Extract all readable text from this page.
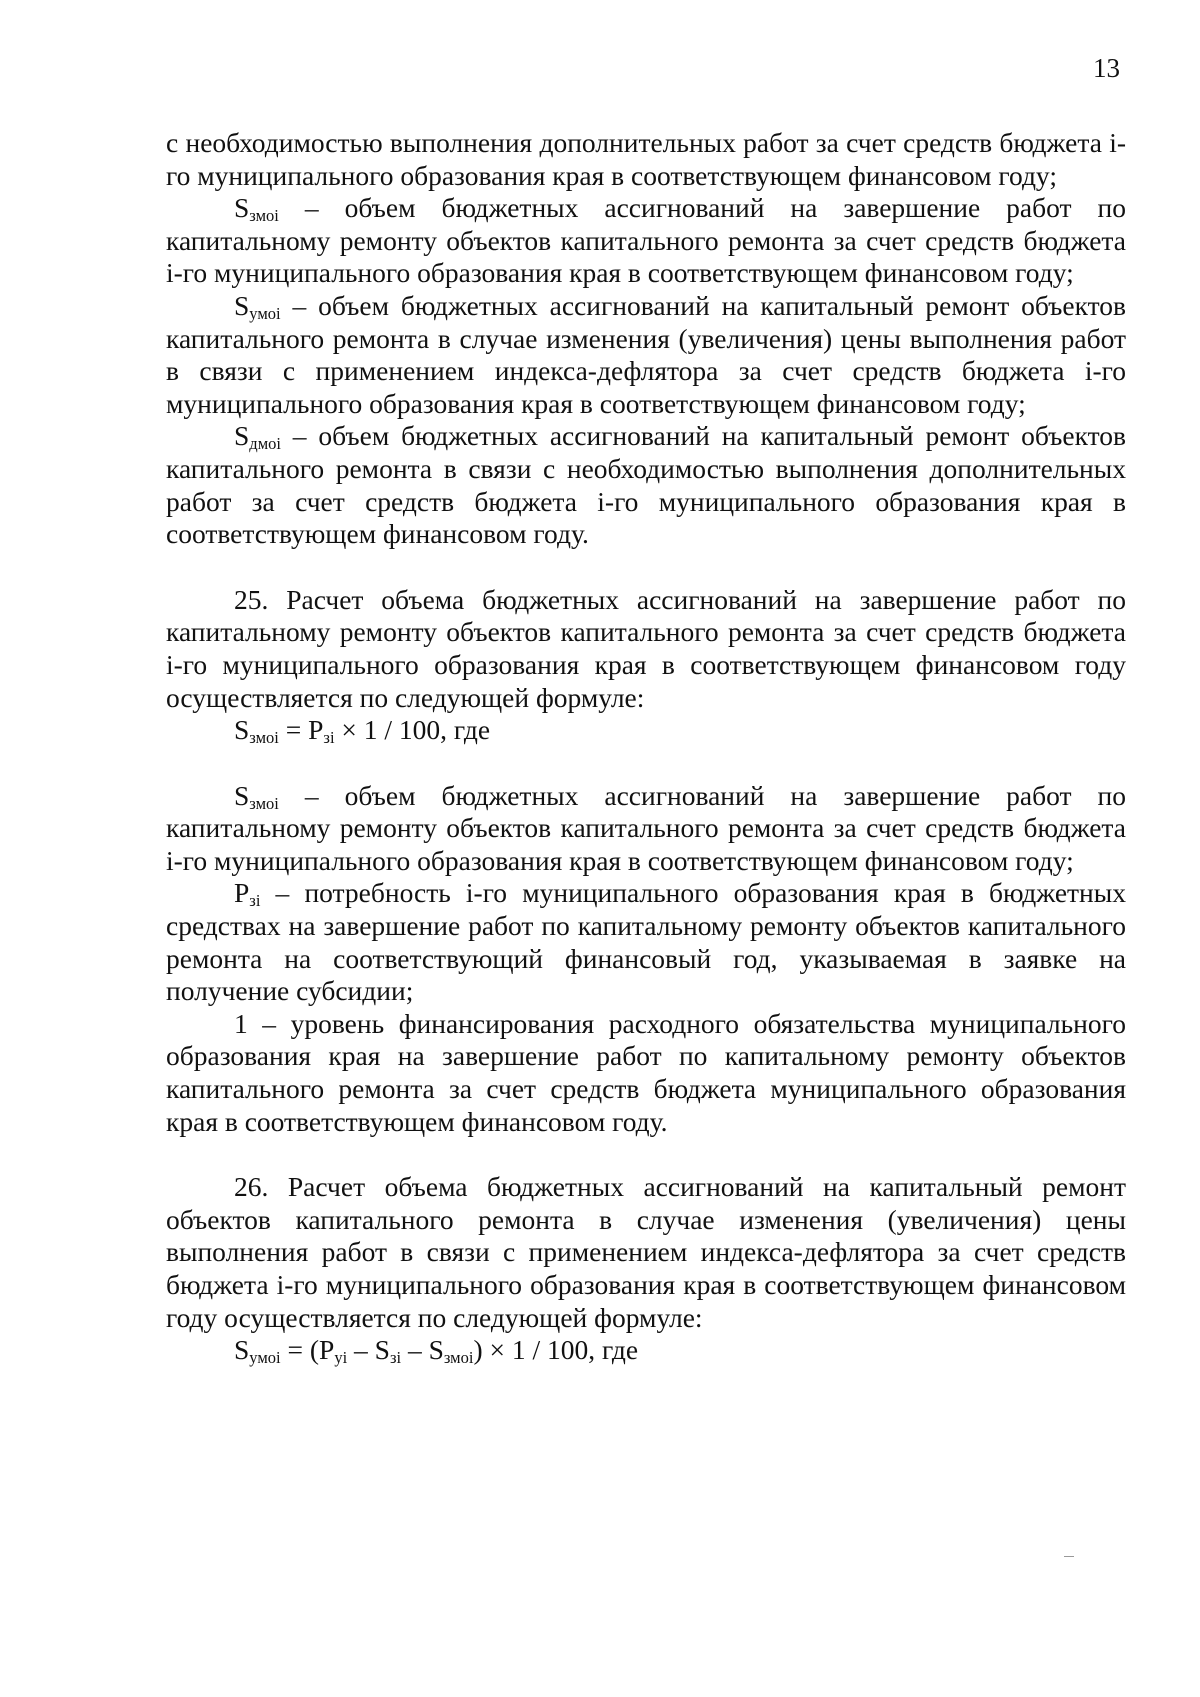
13

с необходимостью выполнения дополнительных работ за счет средств бюджета i-го муниципального образования края в соответствующем финансовом году;

$S_{змоi}$ – объем бюджетных ассигнований на завершение работ по капитальному ремонту объектов капитального ремонта за счет средств бюджета i-го муниципального образования края в соответствующем финансовом году;

$S_{умоi}$ – объем бюджетных ассигнований на капитальный ремонт объектов капитального ремонта в случае изменения (увеличения) цены выполнения работ в связи с применением индекса-дефлятора за счет средств бюджета i-го муниципального образования края в соответствующем финансовом году;

$S_{дмоi}$ – объем бюджетных ассигнований на капитальный ремонт объектов капитального ремонта в связи с необходимостью выполнения дополнительных работ за счет средств бюджета i-го муниципального образования края в соответствующем финансовом году.

25. Расчет объема бюджетных ассигнований на завершение работ по капитальному ремонту объектов капитального ремонта за счет средств бюджета i-го муниципального образования края в соответствующем финансовом году осуществляется по следующей формуле:

$S_{змоi} = P_{зi} \times 1 / 100$, где

$S_{змоi}$ – объем бюджетных ассигнований на завершение работ по капитальному ремонту объектов капитального ремонта за счет средств бюджета i-го муниципального образования края в соответствующем финансовом году;

$P_{зi}$ – потребность i-го муниципального образования края в бюджетных средствах на завершение работ по капитальному ремонту объектов капитального ремонта на соответствующий финансовый год, указываемая в заявке на получение субсидии;

1 – уровень финансирования расходного обязательства муниципального образования края на завершение работ по капитальному ремонту объектов капитального ремонта за счет средств бюджета муниципального образования края в соответствующем финансовом году.

26. Расчет объема бюджетных ассигнований на капитальный ремонт объектов капитального ремонта в случае изменения (увеличения) цены выполнения работ в связи с применением индекса-дефлятора за счет средств бюджета i-го муниципального образования края в соответствующем финансовом году осуществляется по следующей формуле:

$S_{умоi} = (P_{уi} - S_{зi} - S_{змоi}) \times 1 / 100$, где
